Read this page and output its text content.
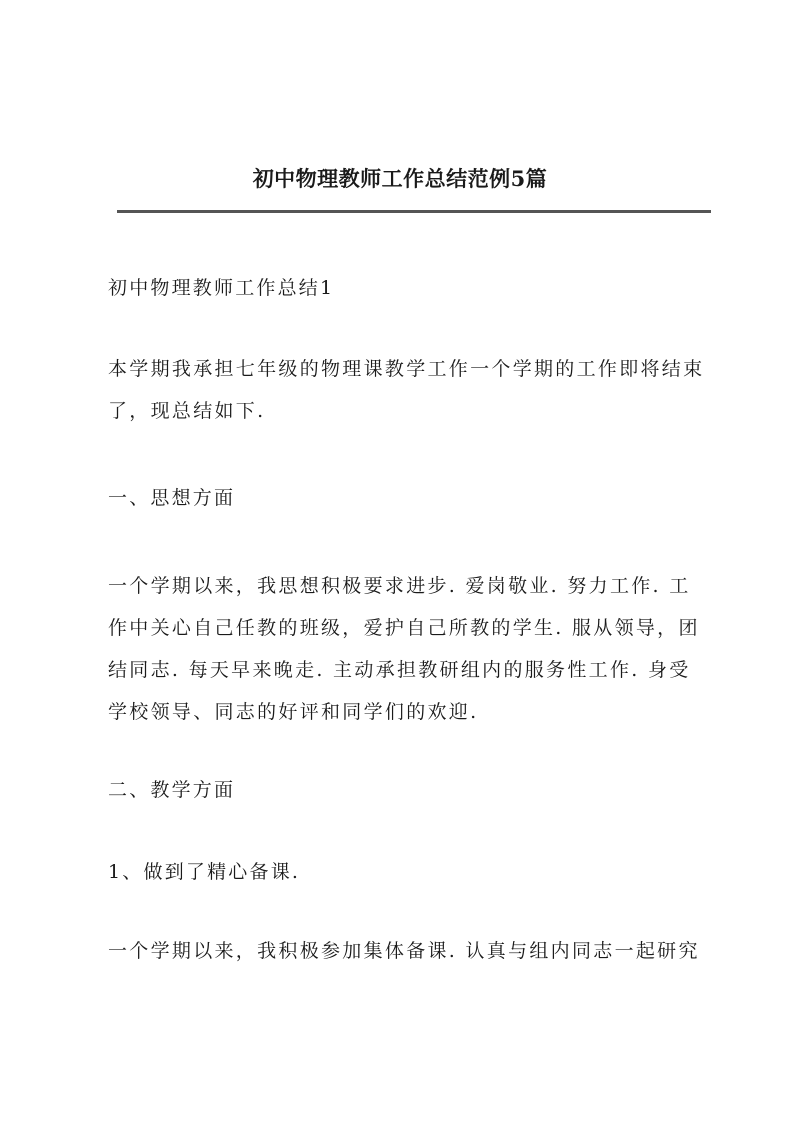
初中物理教师工作总结范例5篇
初中物理教师工作总结1
本学期我承担七年级的物理课教学工作一个学期的工作即将结束
了，现总结如下.
一、思想方面
一个学期以来，我思想积极要求进步. 爱岗敬业. 努力工作. 工
作中关心自己任教的班级，爱护自己所教的学生. 服从领导，团
结同志. 每天早来晚走. 主动承担教研组内的服务性工作. 身受
学校领导、同志的好评和同学们的欢迎.
二、教学方面
1、做到了精心备课.
一个学期以来，我积极参加集体备课. 认真与组内同志一起研究
